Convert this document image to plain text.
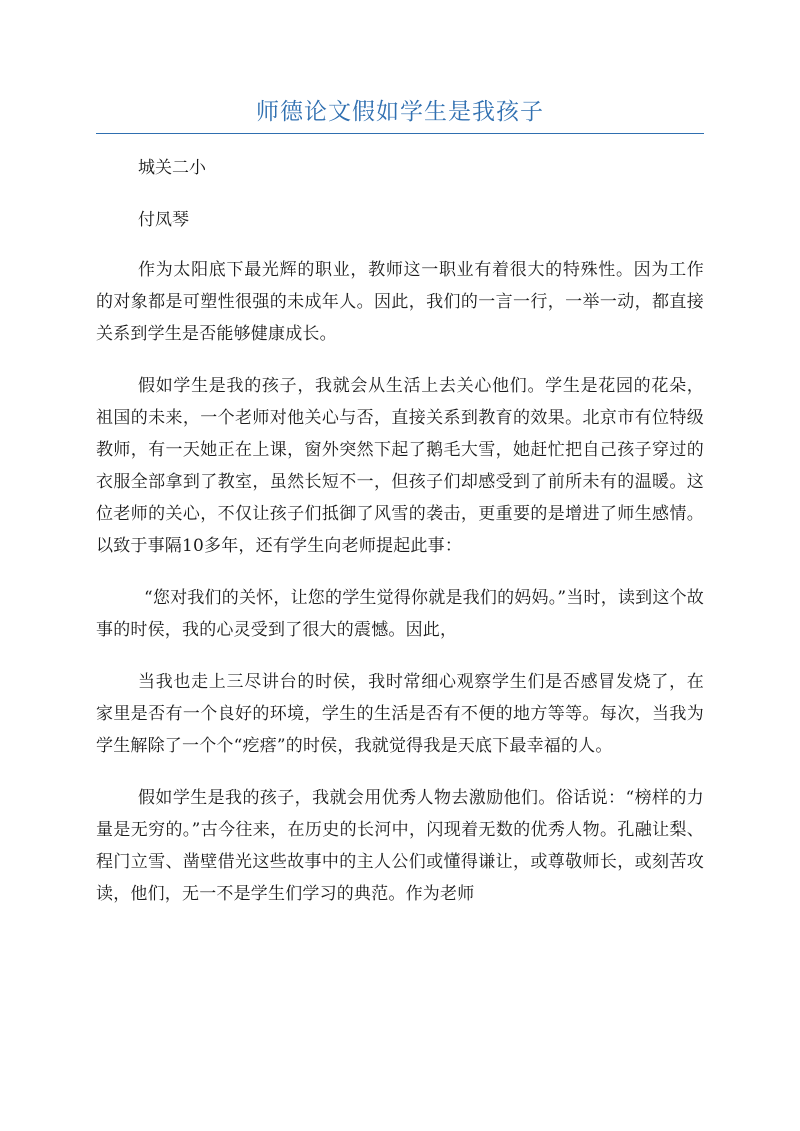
师德论文假如学生是我孩子

城关二小

付凤琴

作为太阳底下最光辉的职业，教师这一职业有着很大的特殊性。因为工作的对象都是可塑性很强的未成年人。因此，我们的一言一行，一举一动，都直接关系到学生是否能够健康成长。

假如学生是我的孩子，我就会从生活上去关心他们。学生是花园的花朵，祖国的未来，一个老师对他关心与否，直接关系到教育的效果。北京市有位特级教师，有一天她正在上课，窗外突然下起了鹅毛大雪，她赶忙把自己孩子穿过的衣服全部拿到了教室，虽然长短不一，但孩子们却感受到了前所未有的温暖。这位老师的关心，不仅让孩子们抵御了风雪的袭击，更重要的是增进了师生感情。以致于事隔10多年，还有学生向老师提起此事：

“您对我们的关怀，让您的学生觉得你就是我们的妈妈。”当时，读到这个故事的时侯，我的心灵受到了很大的震憾。因此，

当我也走上三尽讲台的时侯，我时常细心观察学生们是否感冒发烧了，在家里是否有一个良好的环境，学生的生活是否有不便的地方等等。每次，当我为学生解除了一个个“疙瘩”的时侯，我就觉得我是天底下最幸福的人。

假如学生是我的孩子，我就会用优秀人物去激励他们。俗话说：“榜样的力量是无穷的。”古今往来，在历史的长河中，闪现着无数的优秀人物。孔融让梨、程门立雪、凿壁借光这些故事中的主人公们或懂得谦让，或尊敬师长，或刻苦攻读，他们，无一不是学生们学习的典范。作为老师
